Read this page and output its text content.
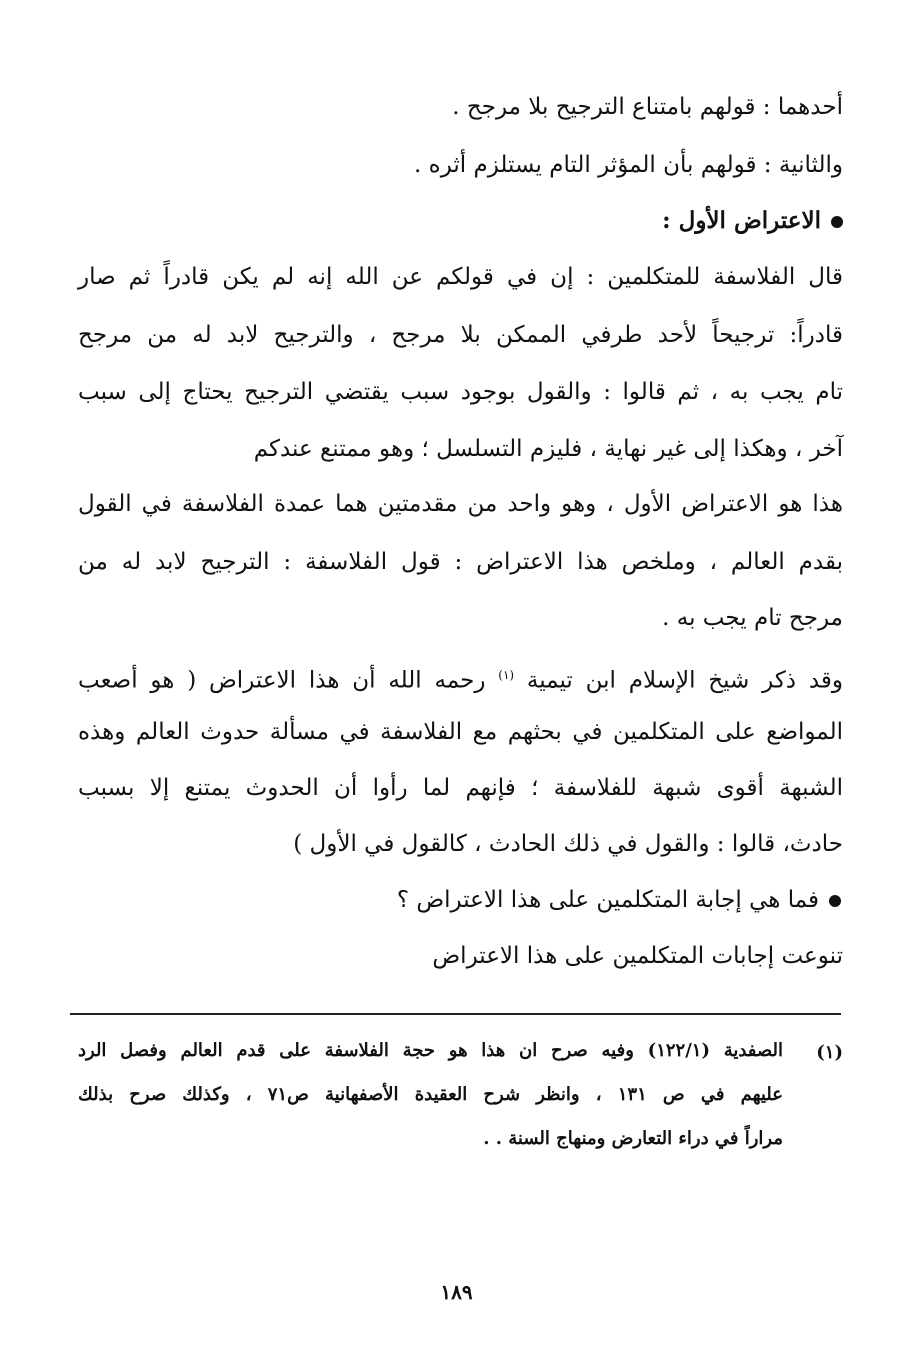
أحدهما : قولهم بامتناع الترجيح بلا مرجح .
والثانية : قولهم بأن المؤثر التام يستلزم أثره .
الاعتراض الأول :
قال الفلاسفة للمتكلمين : إن في قولكم عن الله إنه لم يكن قادراً ثم صار
قادراً: ترجيحاً لأحد طرفي الممكن بلا مرجح ، والترجيح لابد له من مرجح
تام يجب به ، ثم قالوا : والقول بوجود سبب يقتضي الترجيح يحتاج إلى سبب
آخر ، وهكذا إلى غير نهاية ، فليزم التسلسل ؛ وهو ممتنع عندكم
هذا هو الاعتراض الأول ، وهو واحد من مقدمتين هما عمدة الفلاسفة في القول
بقدم العالم ، وملخص هذا الاعتراض : قول الفلاسفة : الترجيح لابد له من
مرجح تام يجب به .
وقد ذكر شيخ الإسلام ابن تيمية $^{(١)}$ رحمه الله أن هذا الاعتراض ( هو أصعب
المواضع على المتكلمين في بحثهم مع الفلاسفة في مسألة حدوث العالم وهذه
الشبهة أقوى شبهة للفلاسفة ؛ فإنهم لما رأوا أن الحدوث يمتنع إلا بسبب
حادث، قالوا : والقول في ذلك الحادث ، كالقول في الأول )
فما هي إجابة المتكلمين على هذا الاعتراض ؟
تنوعت إجابات المتكلمين على هذا الاعتراض
(١)
الصفدية (١٢٢/١) وفيه صرح ان هذا هو حجة الفلاسفة على قدم العالم وفصل الرد
عليهم في ص ١٣١ ، وانظر شرح العقيدة الأصفهانية ص٧١ ، وكذلك صرح بذلك
مراراً في دراء التعارض ومنهاج السنة . .
١٨٩
